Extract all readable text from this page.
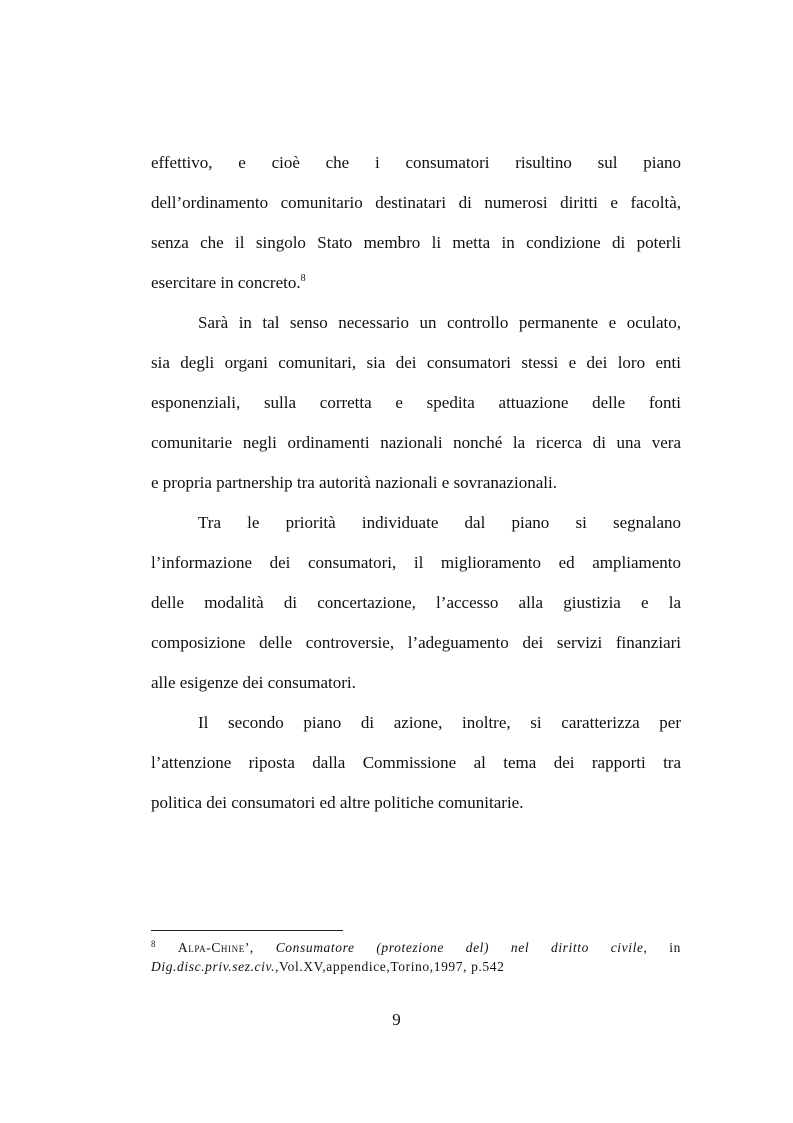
effettivo, e cioè che i consumatori risultino sul piano
dell’ordinamento comunitario destinatari di numerosi diritti e facoltà,
senza che il singolo Stato membro li metta in condizione di poterli
esercitare in concreto.$^8$

Sarà in tal senso necessario un controllo permanente e oculato,
sia degli organi comunitari, sia dei consumatori stessi e dei loro enti
esponenziali, sulla corretta e spedita attuazione delle fonti
comunitarie negli ordinamenti nazionali nonché la ricerca di una vera
e propria partnership tra autorità nazionali e sovranazionali.

Tra le priorità individuate dal piano si segnalano
l’informazione dei consumatori, il miglioramento ed ampliamento
delle modalità di concertazione, l’accesso alla giustizia e la
composizione delle controversie, l’adeguamento dei servizi finanziari
alle esigenze dei consumatori.

Il secondo piano di azione, inoltre, si caratterizza per
l’attenzione riposta dalla Commissione al tema dei rapporti tra
politica dei consumatori ed altre politiche comunitarie.

$^8$ Alpa-Chine’, Consumatore (protezione del) nel diritto civile, in
Dig.disc.priv.sez.civ.,Vol.XV,appendice,Torino,1997, p.542
9
